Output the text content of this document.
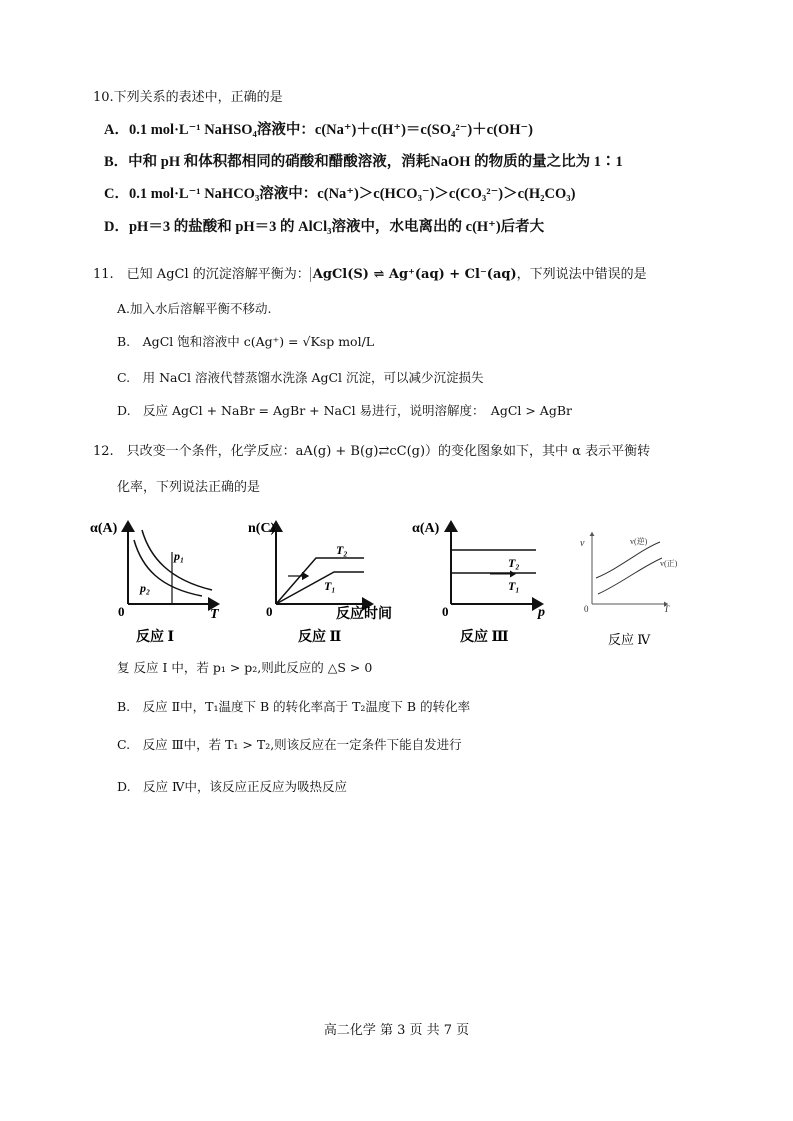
10.下列关系的表述中，正确的是
A．0.1 mol·L⁻¹ NaHSO₄溶液中：c(Na⁺)＋c(H⁺)＝c(SO₄²⁻)＋c(OH⁻)
B．中和 pH 和体积都相同的硝酸和醋酸溶液，消耗NaOH 的物质的量之比为 1∶1
C．0.1 mol·L⁻¹ NaHCO₃溶液中：c(Na⁺)＞c(HCO₃⁻)＞c(CO₃²⁻)＞c(H₂CO₃)
D．pH＝3 的盐酸和 pH＝3 的 AlCl₃溶液中，水电离出的 c(H⁺)后者大
11.　已知 AgCl 的沉淀溶解平衡为： AgCl(S) ⇌ Ag⁺(aq) + Cl⁻(aq)，下列说法中错误的是
A.加入水后溶解平衡不移动.
B.　AgCl 饱和溶液中 c(Ag⁺) = √Ksp mol/L
C.　用 NaCl 溶液代替蒸馏水洗涤 AgCl 沉淀，可以减少沉淀损失
D.　反应 AgCl + NaBr = AgBr + NaCl 易进行，说明溶解度：　AgCl > AgBr
12.　只改变一个条件，化学反应：aA(g) + B(g)⇄cC(g)）的变化图象如下，其中 α 表示平衡转
化率，下列说法正确的是
α(A)
T
0
p₁
p₂
反应 Ⅰ
n(C)
反应时间
0
T₂
T₁
反应 Ⅱ
α(A)
p
0
T₂
T₁
反应 Ⅲ
v
T
0
v(逆)
v(正)
反应 Ⅳ
复 反应 Ⅰ 中，若 p₁ > p₂,则此反应的 △S > 0
B.　反应 Ⅱ中，T₁温度下 B 的转化率高于 T₂温度下 B 的转化率
C.　反应 Ⅲ中，若 T₁ > T₂,则该反应在一定条件下能自发进行
D.　反应 Ⅳ中，该反应正反应为吸热反应
高二化学 第 3 页 共 7 页
